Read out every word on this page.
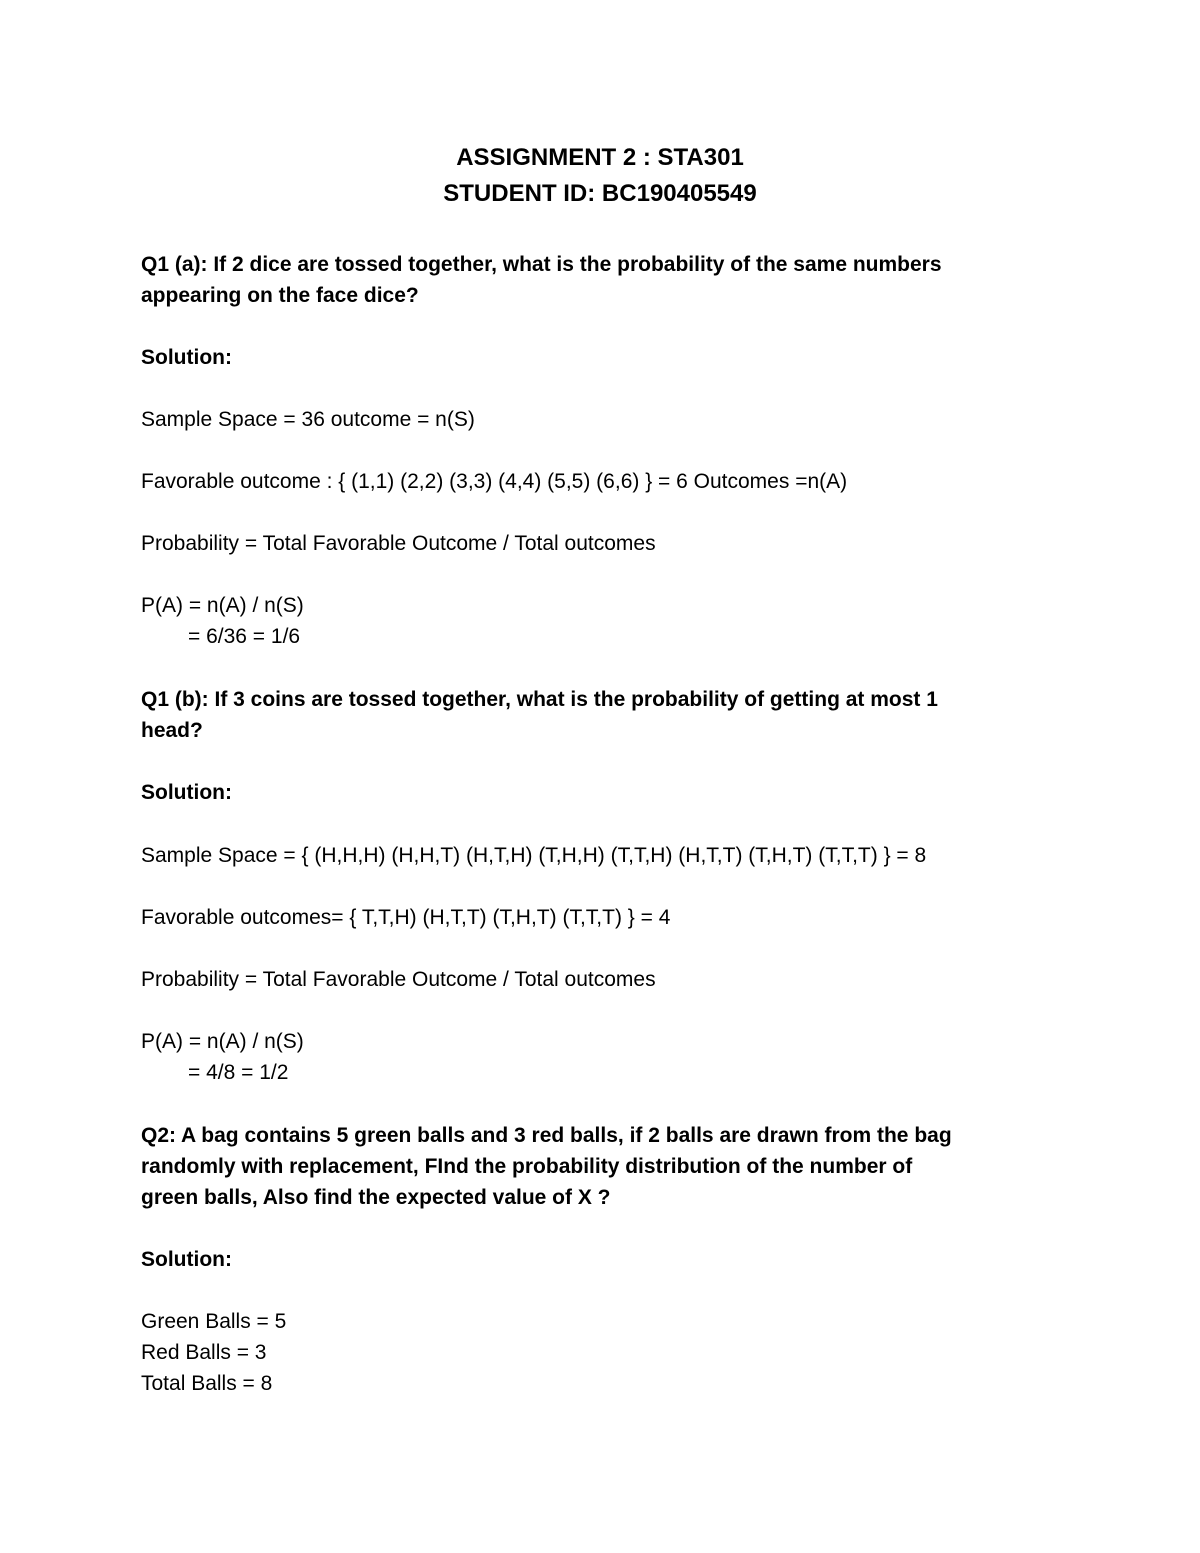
ASSIGNMENT 2 : STA301
STUDENT ID: BC190405549
Q1 (a): If 2 dice are tossed together, what is the probability of the same numbers
appearing on the face dice?
Solution:
Sample Space = 36 outcome = n(S)
Favorable outcome : { (1,1) (2,2) (3,3) (4,4) (5,5) (6,6) } = 6 Outcomes =n(A)
Probability = Total Favorable Outcome / Total outcomes
P(A) = n(A) / n(S)
= 6/36 = 1/6
Q1 (b): If 3 coins are tossed together, what is the probability of getting at most 1
head?
Solution:
Sample Space = { (H,H,H) (H,H,T) (H,T,H) (T,H,H) (T,T,H) (H,T,T) (T,H,T) (T,T,T) } = 8
Favorable outcomes= { T,T,H) (H,T,T) (T,H,T) (T,T,T) } = 4
Probability = Total Favorable Outcome / Total outcomes
P(A) = n(A) / n(S)
= 4/8 = 1/2
Q2: A bag contains 5 green balls and 3 red balls, if 2 balls are drawn from the bag
randomly with replacement, FInd the probability distribution of the number of
green balls, Also find the expected value of X ?
Solution:
Green Balls = 5
Red Balls = 3
Total Balls = 8
